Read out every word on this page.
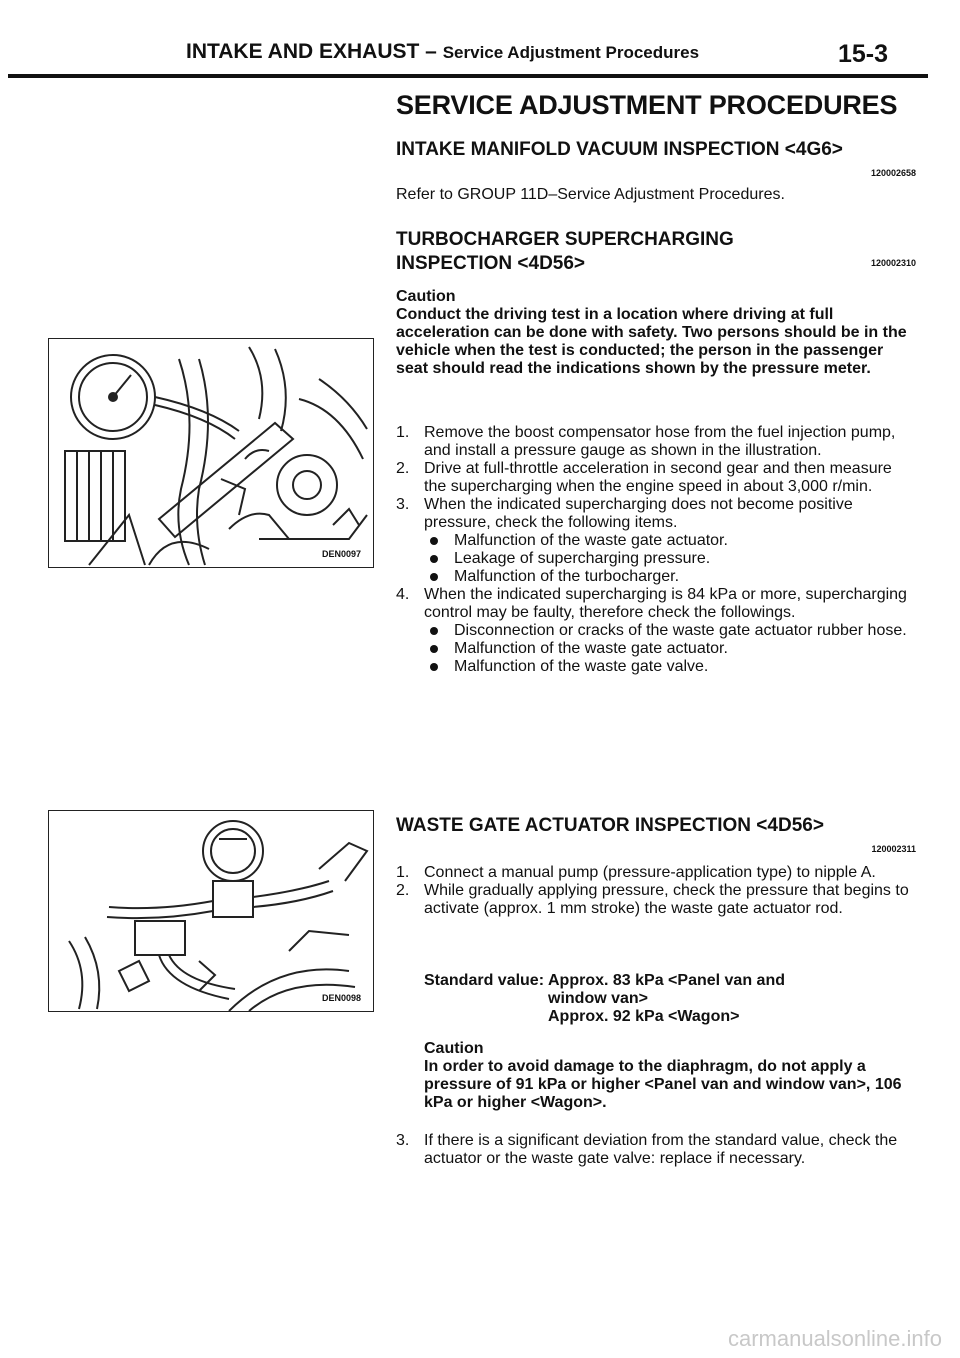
INTAKE AND EXHAUST – Service Adjustment Procedures	15-3
SERVICE ADJUSTMENT PROCEDURES
INTAKE MANIFOLD VACUUM INSPECTION <4G6>
120002658
Refer to GROUP 11D–Service Adjustment Procedures.
TURBOCHARGER SUPERCHARGING
INSPECTION <4D56>	120002310
Caution
Conduct the driving test in a location where driving at full acceleration can be done with safety. Two persons should be in the vehicle when the test is conducted; the person in the passenger seat should read the indications shown by the pressure meter.
1. Remove the boost compensator hose from the fuel injection pump, and install a pressure gauge as shown in the illustration.
2. Drive at full-throttle acceleration in second gear and then measure the supercharging when the engine speed in about 3,000 r/min.
3. When the indicated supercharging does not become positive pressure, check the following items.
Malfunction of the waste gate actuator.
Leakage of supercharging pressure.
Malfunction of the turbocharger.
4. When the indicated supercharging is 84 kPa or more, supercharging control may be faulty, therefore check the followings.
Disconnection or cracks of the waste gate actuator rubber hose.
Malfunction of the waste gate actuator.
Malfunction of the waste gate valve.
WASTE GATE ACTUATOR INSPECTION <4D56>
120002311
1. Connect a manual pump (pressure-application type) to nipple A.
2. While gradually applying pressure, check the pressure that begins to activate (approx. 1 mm stroke) the waste gate actuator rod.
Standard value: Approx. 83 kPa <Panel van and
window van>
Approx. 92 kPa <Wagon>
Caution
In order to avoid damage to the diaphragm, do not apply a pressure of 91 kPa or higher <Panel van and window van>, 106 kPa or higher <Wagon>.
3. If there is a significant deviation from the standard value, check the actuator or the waste gate valve: replace if necessary.
DEN0097
DEN0098
carmanualsonline.info
